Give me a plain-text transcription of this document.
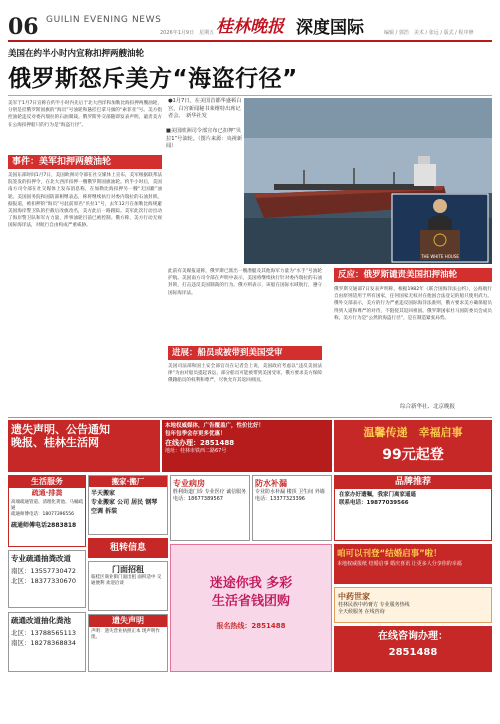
06 GUILIN EVENING NEWS
2026年1月9日　星期五 桂林晚报 深度国际	编辑 / 郭浩　美术 / 张远 / 版式 / 程序修
美国在约半小时内宣称扣押两艘油轮
俄罗斯怒斥美方“海盗行径”
美军于1月7日宣称在约半小时内先后于北大西洋和加勒比海扣押两艘油轮，分别是挂俄罗斯国旗的“海员”号油轮和悬挂巴拿马旗的“索菲亚”号。美方指控油轮违反对委内瑞拉的石油制裁。俄罗斯外交部随即发表声明，谴责美方在公海扣押船只的行为是“海盗行径”。
事件：美军扣押两艘油轮
美国东部时间1月7日，美国欧洲司令部在社交媒体上宣布，美军根据联邦法院签发的扣押令，在北大西洋扣押一艘俄罗斯国旗油轮。约半小时后，美国南方司令部在社交媒体上发布消息称，在加勒比海扣押另一艘“无国籍”油轮。美国国务院和国防部相继表态，称将继续执行对委内瑞拉的石油封锁。据报道，被扣押的“海员”号此前原名“贝拉1”号，去年12月在加勒比海规避美国海岸警卫队的拦截后改旗改名，美方此后一路跟踪。美军此次行动出动了海岸警卫队和军方力量，涉事油轮目前已被控制。俄方称，美方行动无视国际海洋法，对航行自由构成严重威胁。
●1月7日，在美国首都华盛顿白宫，白宫新闻秘书莱维特出席记者会。　新华社发
■美国欧洲司令部宣布已扣押“贝拉1”号油轮。（图片来源：央视新闻）
THE WHITE HOUSE
此前有美媒报道称，俄罗斯已派出一艘潜艇及其他海军力量为“水手”号油轮护航。美国南方司令部在声明中表示，美国将继续执行针对委内瑞拉的石油封锁，打击违反美国制裁的行为。俄方则表示，该船在国际水域航行，遵守国际海洋法。
进展：船员或被带到美国受审
美国司法部和国土安全部官员在记者会上说，美国政府考虑以“违反美国法律”为由对船员提起诉讼，部分船员可能被带到美国受审。俄方要求美方保障俄籍船员的权利和尊严，尽快允许其返回祖国。
反应：俄罗斯谴责美国扣押油轮
俄罗斯交通部7日发表声明称，根据1982年《联合国海洋法公约》，公海航行自由原则适用于所有国家，任何国家无权对在他国合法登记的船只使用武力。俄外交部表示，美方的行为严重违反国际海洋法准则，俄方要求美方确保船员得到人道和尊严的对待，不阻挠其返回祖国。俄罗斯国家杜马国防委员会成员称，美方行为是“公然的海盗行径”，是在制造紧张局势。
综合新华社、北京晚报
遗失声明、公告通知
晚报、桂林生活网
本地权威媒体，广告覆盖广，性价比好！
包年包季会存更多优惠！
在线办理：2851488
地址：桂林市铁西二路67号
温馨传递　幸福启事
99元起登
生活服务
疏通·排粪
高端疏通管道、清理化粪池、马桶疏通
疏通师傅电话：18077396556
疏通师傅电话2883818
专业疏通抽粪改道
南区：13557730472
北区：18377330670
疏通改道抽化粪池
北区：13788565113
南区：18278368834
搬家·搬厂
半天搬家
专业搬家 公司 居民 钢琴 空调 拆装
租转信息
门面招租
临桂区商业街门面出租 面积适中 交通便利 欢迎洽谈
遗失声明
声明：遗失营业执照正本 现声明作废。
专业病房
胜利街道门诊 专业医疗 诚信服务
电话：18677389567
防水补漏
专业防水补漏 楼顶 卫生间 外墙
电话：13377323396
迷途你我 多彩
生活省钱团购
报名热线：2851488
品牌推荐
在家办好遗嘱，我家门离家遥遥
联系电话：19877039566
咱可以刊登“结婚启事”啦！
本地权威报纸 结婚启事 婚庆喜讯 让更多人分享你的幸福
中药世家
桂林民族中药膏方 专业服务热线
全天候服务 在线咨询
在线咨询办理：
2851488
